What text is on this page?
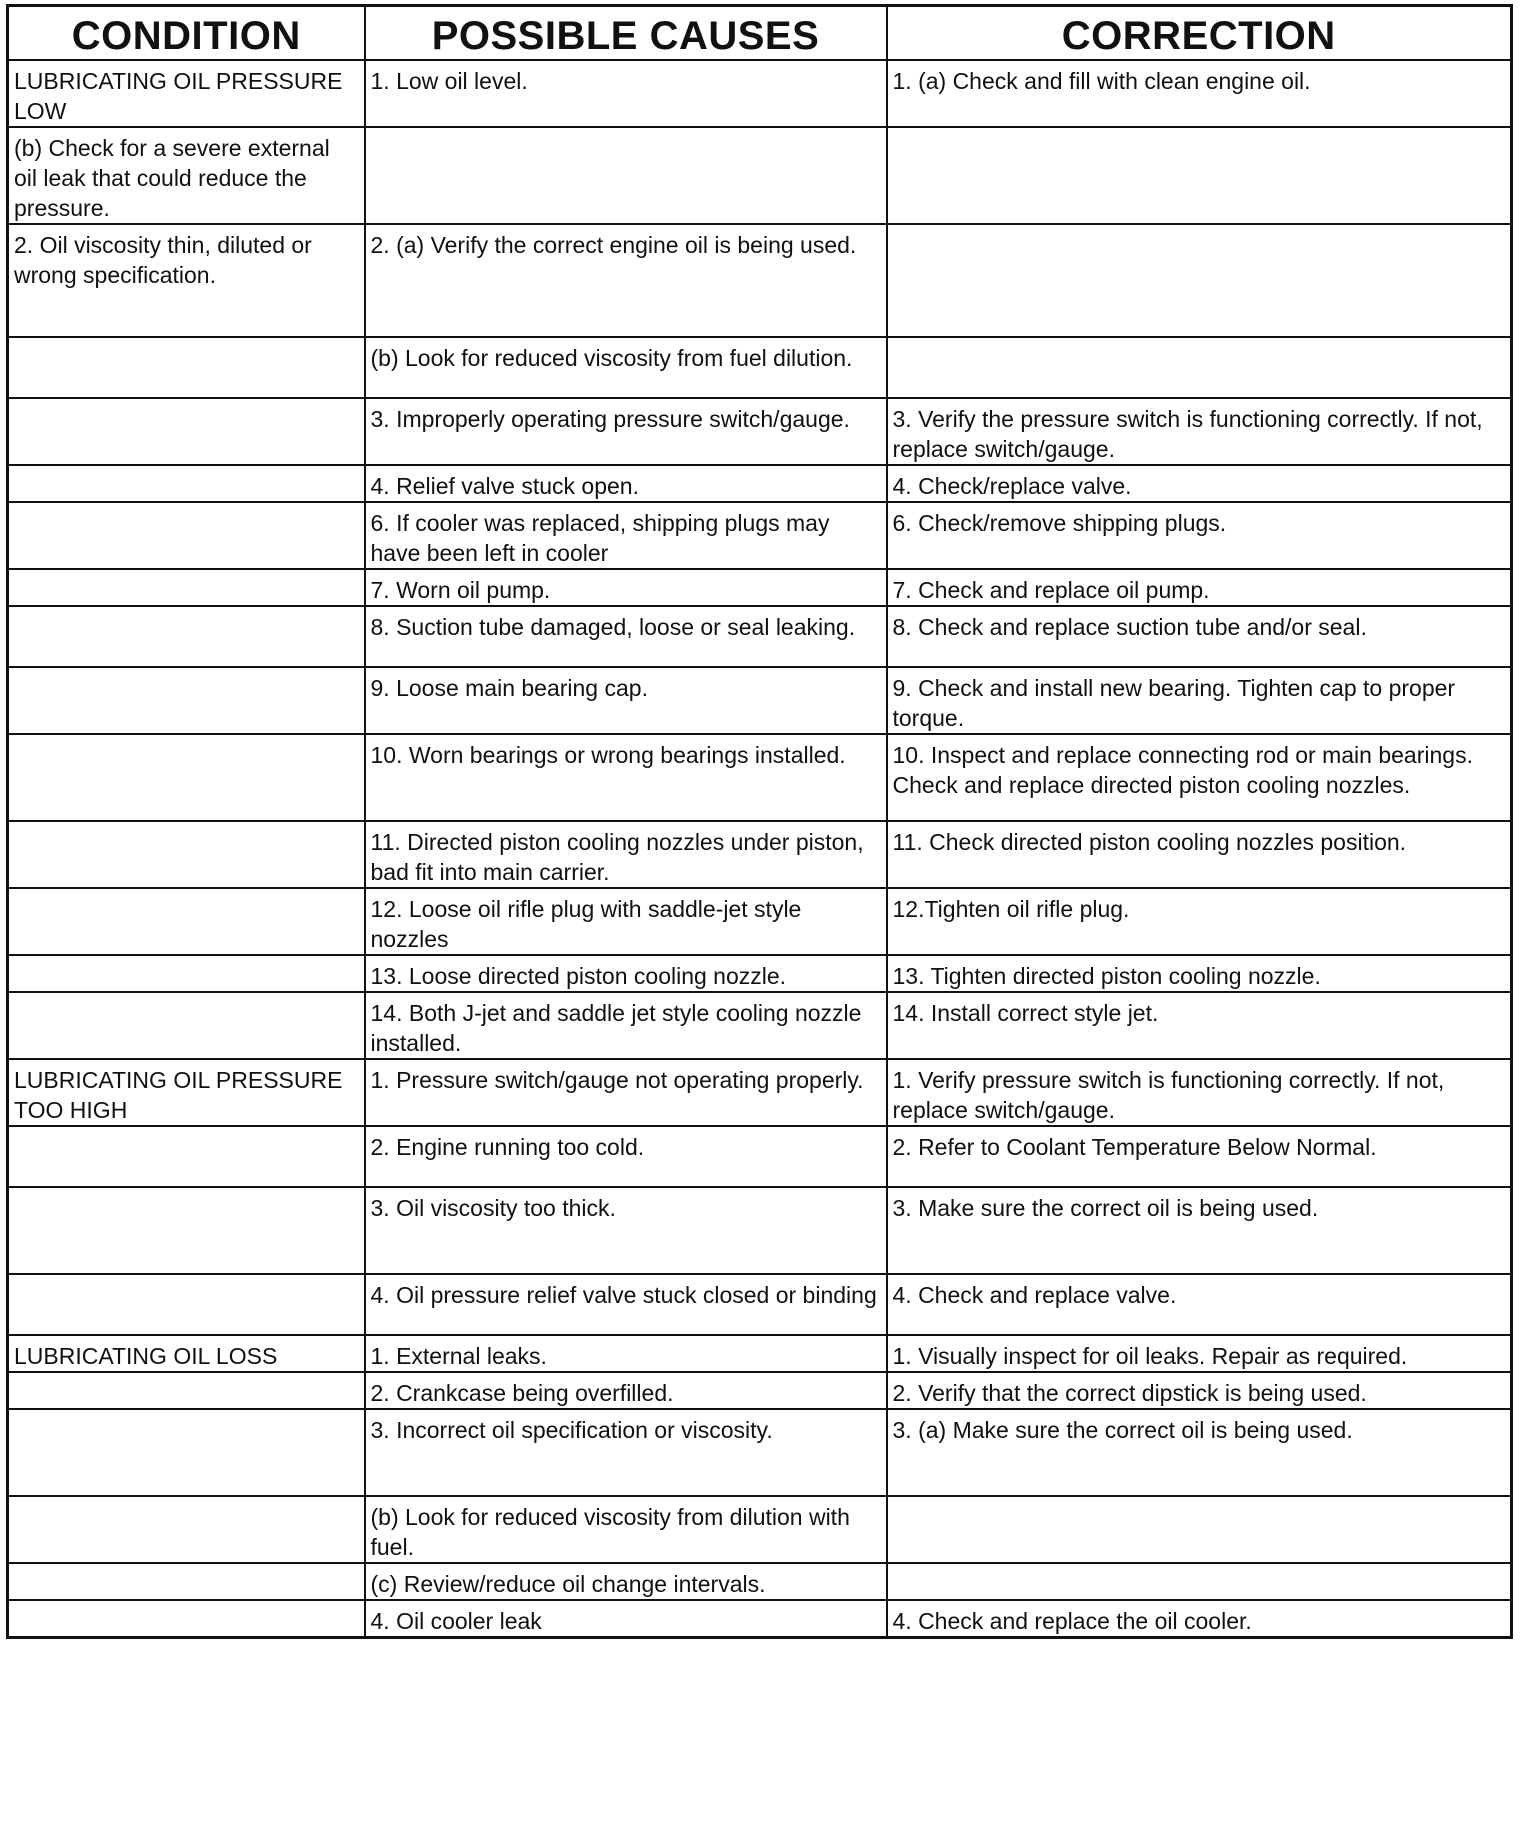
CONDITION	POSSIBLE CAUSES	CORRECTION
LUBRICATING OIL PRESSURE LOW	1. Low oil level.	1. (a) Check and fill with clean engine oil.
(b) Check for a severe external oil leak that could reduce the pressure.		
2. Oil viscosity thin, diluted or wrong specification.	2. (a) Verify the correct engine oil is being used.	
	(b) Look for reduced viscosity from fuel dilution.	
	3. Improperly operating pressure switch/gauge.	3. Verify the pressure switch is functioning correctly. If not, replace switch/gauge.
	4. Relief valve stuck open.	4. Check/replace valve.
	6. If cooler was replaced, shipping plugs may have been left in cooler	6. Check/remove shipping plugs.
	7. Worn oil pump.	7. Check and replace oil pump.
	8. Suction tube damaged, loose or seal leaking.	8. Check and replace suction tube and/or seal.
	9. Loose main bearing cap.	9. Check and install new bearing. Tighten cap to proper torque.
	10. Worn bearings or wrong bearings installed.	10. Inspect and replace connecting rod or main bearings. Check and replace directed piston cooling nozzles.
	11. Directed piston cooling nozzles under piston, bad fit into main carrier.	11. Check directed piston cooling nozzles position.
	12. Loose oil rifle plug with saddle-jet style nozzles	12.Tighten oil rifle plug.
	13. Loose directed piston cooling nozzle.	13. Tighten directed piston cooling nozzle.
	14. Both J-jet and saddle jet style cooling nozzle installed.	14. Install correct style jet.
LUBRICATING OIL PRESSURE TOO HIGH	1. Pressure switch/gauge not operating properly.	1. Verify pressure switch is functioning correctly. If not, replace switch/gauge.
	2. Engine running too cold.	2. Refer to Coolant Temperature Below Normal.
	3. Oil viscosity too thick.	3. Make sure the correct oil is being used.
	4. Oil pressure relief valve stuck closed or binding	4. Check and replace valve.
LUBRICATING OIL LOSS	1. External leaks.	1. Visually inspect for oil leaks. Repair as required.
	2. Crankcase being overfilled.	2. Verify that the correct dipstick is being used.
	3. Incorrect oil specification or viscosity.	3. (a) Make sure the correct oil is being used.
	(b) Look for reduced viscosity from dilution with fuel.	
	(c) Review/reduce oil change intervals.	
	4. Oil cooler leak	4. Check and replace the oil cooler.
